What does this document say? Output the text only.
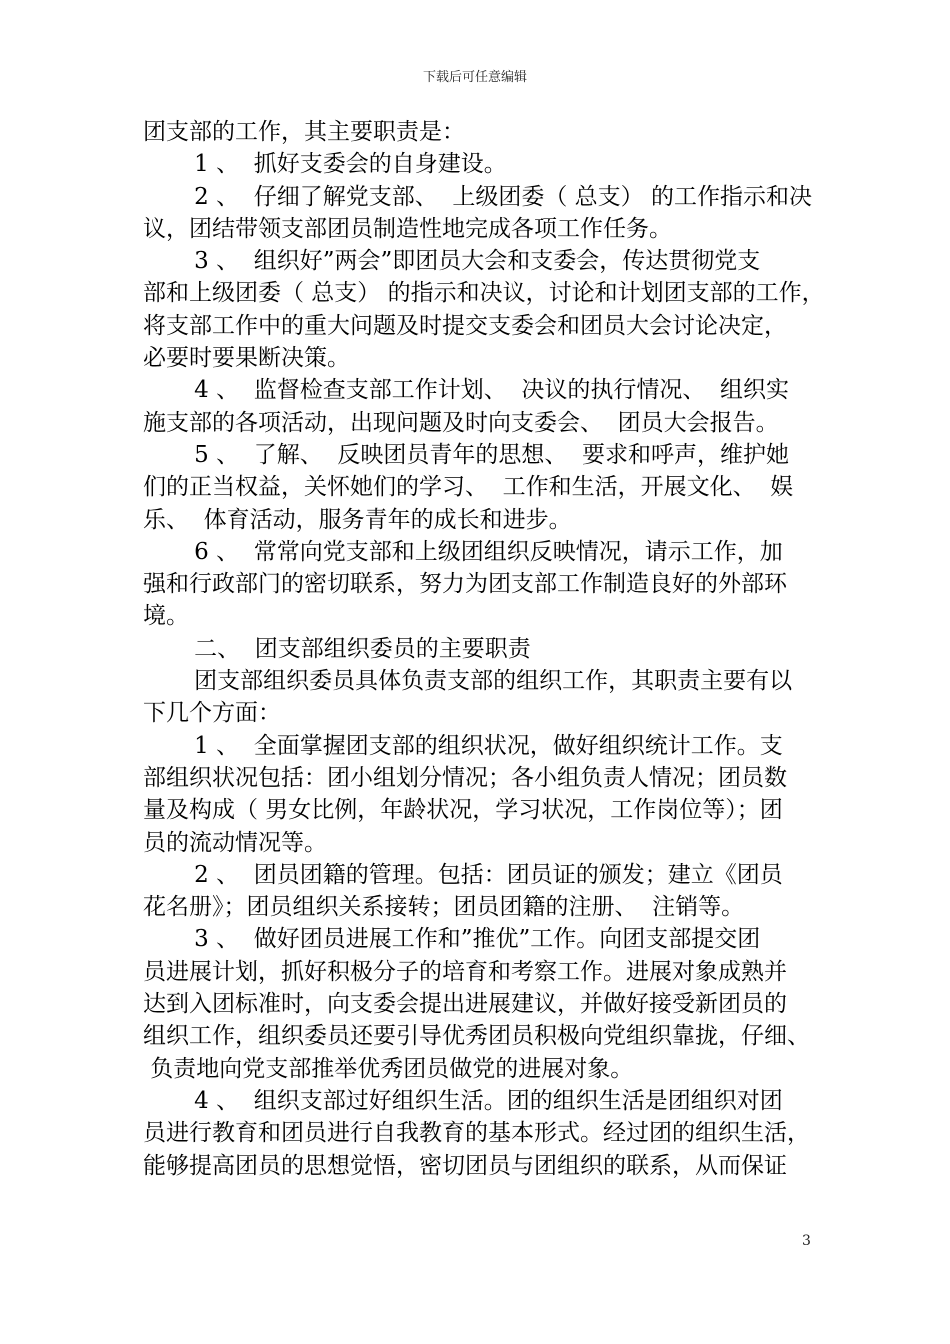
下载后可任意编辑
团支部的工作，其主要职责是：
1 、  抓好支委会的自身建设。
2 、  仔细了解党支部、  上级团委（ 总支） 的工作指示和决
议，团结带领支部团员制造性地完成各项工作任务。
3 、  组织好”两会”即团员大会和支委会，传达贯彻党支
部和上级团委（ 总支） 的指示和决议，讨论和计划团支部的工作，
将支部工作中的重大问题及时提交支委会和团员大会讨论决定，
必要时要果断决策。
4 、  监督检查支部工作计划、  决议的执行情况、  组织实
施支部的各项活动，出现问题及时向支委会、  团员大会报告。
5 、  了解、  反映团员青年的思想、  要求和呼声，维护她
们的正当权益，关怀她们的学习、  工作和生活，开展文化、  娱
乐、  体育活动，服务青年的成长和进步。
6 、  常常向党支部和上级团组织反映情况，请示工作，加
强和行政部门的密切联系，努力为团支部工作制造良好的外部环
境。
二、  团支部组织委员的主要职责
团支部组织委员具体负责支部的组织工作，其职责主要有以
下几个方面：
1 、  全面掌握团支部的组织状况，做好组织统计工作。支
部组织状况包括：团小组划分情况；各小组负责人情况；团员数
量及构成（ 男女比例，年龄状况，学习状况，工作岗位等）；团
员的流动情况等。
2 、  团员团籍的管理。包括：团员证的颁发；建立《团员
花名册》；团员组织关系接转；团员团籍的注册、  注销等。
3 、  做好团员进展工作和”推优”工作。向团支部提交团
员进展计划，抓好积极分子的培育和考察工作。进展对象成熟并
达到入团标准时，向支委会提出进展建议，并做好接受新团员的
组织工作，组织委员还要引导优秀团员积极向党组织靠拢，仔细、
负责地向党支部推举优秀团员做党的进展对象。
4 、  组织支部过好组织生活。团的组织生活是团组织对团
员进行教育和团员进行自我教育的基本形式。经过团的组织生活，
能够提高团员的思想觉悟，密切团员与团组织的联系，从而保证
3
